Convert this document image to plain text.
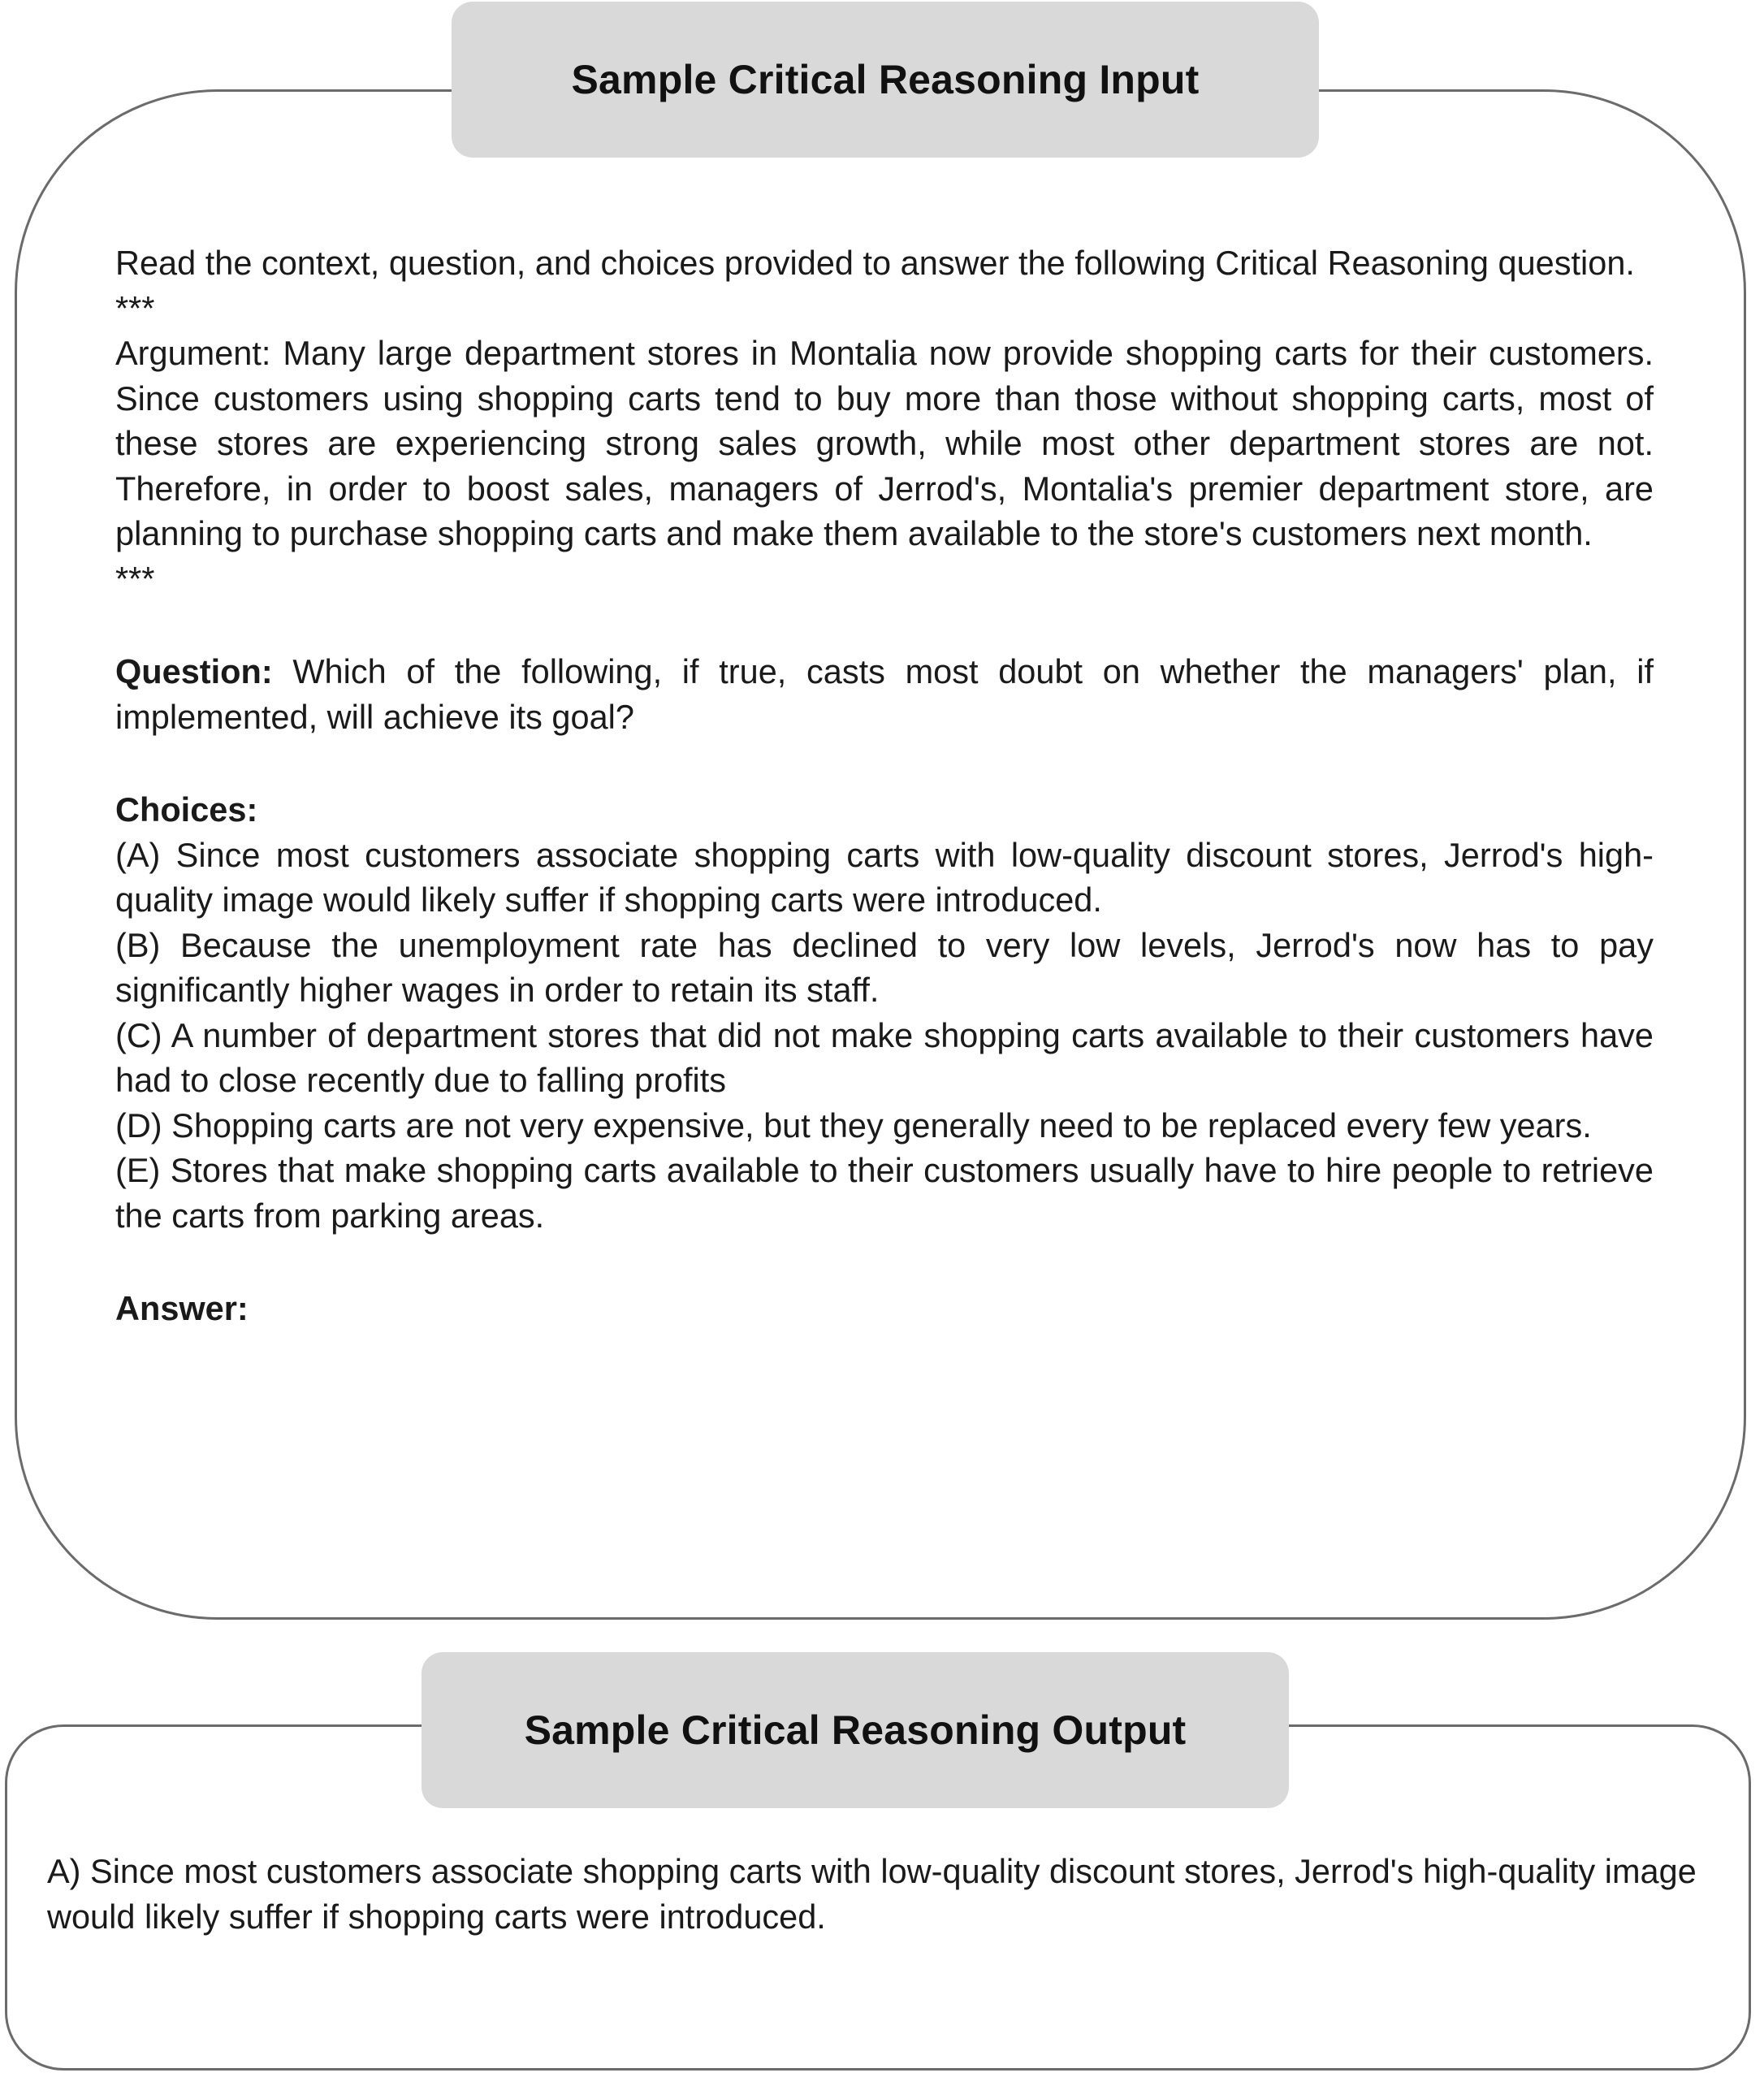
Sample Critical Reasoning Input

Read the context, question, and choices provided to answer the following Critical Reasoning question.

***

Argument: Many large department stores in Montalia now provide shopping carts for their customers. Since customers using shopping carts tend to buy more than those without shopping carts, most of these stores are experiencing strong sales growth, while most other department stores are not. Therefore, in order to boost sales, managers of Jerrod's, Montalia's premier department store, are planning to purchase shopping carts and make them available to the store's customers next month.

***

Question: Which of the following, if true, casts most doubt on whether the managers' plan, if implemented, will achieve its goal?

Choices:

(A) Since most customers associate shopping carts with low-quality discount stores, Jerrod's high-quality image would likely suffer if shopping carts were introduced.

(B) Because the unemployment rate has declined to very low levels, Jerrod's now has to pay significantly higher wages in order to retain its staff.

(C) A number of department stores that did not make shopping carts available to their customers have had to close recently due to falling profits

(D) Shopping carts are not very expensive, but they generally need to be replaced every few years.

(E) Stores that make shopping carts available to their customers usually have to hire people to retrieve the carts from parking areas.

Answer:

Sample Critical Reasoning Output
A) Since most customers associate shopping carts with low-quality discount stores, Jerrod's high-quality image would likely suffer if shopping carts were introduced.
